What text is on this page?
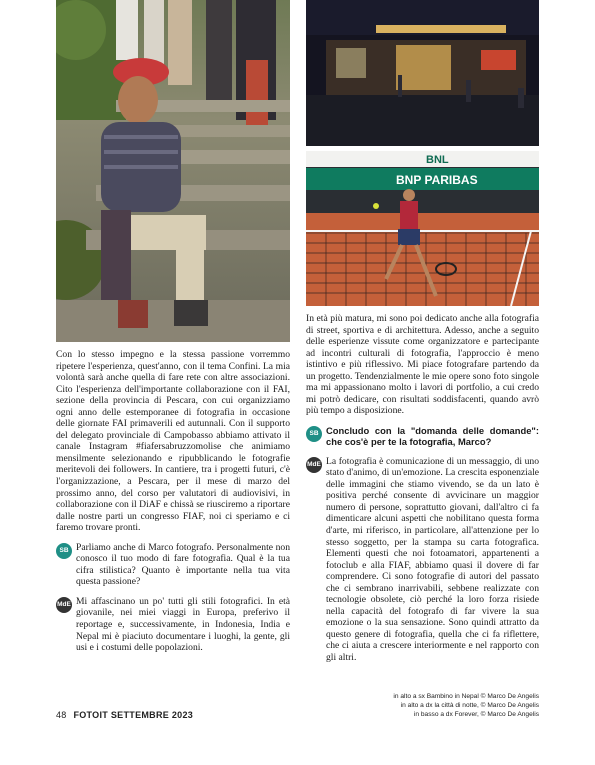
BNL
BNP PARIBAS

Con lo stesso impegno e la stessa passione vorremmo ripetere l'esperienza, quest'anno, con il tema Confini. La mia volontà sarà anche quella di fare rete con altre associazioni. Cito l'esperienza dell'importante collaborazione con il FAI, sezione della provincia di Pescara, con cui organizziamo ogni anno delle estemporanee di fotografia in occasione delle giornate FAI primaverili ed autunnali. Con il supporto del delegato provinciale di Campobasso abbiamo attivato il canale Instagram #fiafersabruzzomolise che animiamo mensilmente selezionando e ripubblicando le fotografie meritevoli dei followers. In cantiere, tra i progetti futuri, c'è l'organizzazione, a Pescara, per il mese di marzo del prossimo anno, del corso per valutatori di audiovisivi, in collaborazione con il DiAF e chissà se riusciremo a riportare dalle nostre parti un congresso FIAF, noi ci speriamo e ci faremo trovare pronti.

SB Parliamo anche di Marco fotografo. Personalmente non conosco il tuo modo di fare fotografia. Qual è la tua cifra stilistica? Quanto è importante nella tua vita questa passione?

MdE Mi affascinano un po' tutti gli stili fotografici. In età giovanile, nei miei viaggi in Europa, preferivo il reportage e, successivamente, in Indonesia, India e Nepal mi è piaciuto documentare i luoghi, la gente, gli usi e i costumi delle popolazioni.

In età più matura, mi sono poi dedicato anche alla fotografia di street, sportiva e di architettura. Adesso, anche a seguito delle esperienze vissute come organizzatore e partecipante ad incontri culturali di fotografia, l'approccio è meno istintivo e più riflessivo. Mi piace fotografare partendo da un progetto. Tendenzialmente le mie opere sono foto singole ma mi appassionano molto i lavori di portfolio, a cui credo mi potrò dedicare, con risultati soddisfacenti, quando avrò più tempo a disposizione.

SB Concludo con la "domanda delle domande": che cos'è per te la fotografia, Marco?

MdE La fotografia è comunicazione di un messaggio, di uno stato d'animo, di un'emozione. La crescita esponenziale delle immagini che stiamo vivendo, se da un lato è positiva perché consente di avvicinare un maggior numero di persone, soprattutto giovani, dall'altro ci fa dimenticare alcuni aspetti che nobilitano questa forma d'arte, mi riferisco, in particolare, all'attenzione per lo stesso soggetto, per la stampa su carta fotografica. Elementi questi che noi fotoamatori, appartenenti a fotoclub e alla FIAF, abbiamo quasi il dovere di far comprendere. Ci sono fotografie di autori del passato che ci sembrano inarrivabili, sebbene realizzate con tecnologie obsolete, ciò perché la loro forza risiede nella capacità del fotografo di far vivere la sua emozione o la sua sensazione. Sono quindi attratto da questo genere di fotografia, quella che ci fa riflettere, che ci aiuta a crescere interiormente e nel rapporto con gli altri.

in alto a sx Bambino in Nepal © Marco De Angelis
in alto a dx la città di notte, © Marco De Angelis
in basso a dx Forever, © Marco De Angelis
48 FOTOIT SETTEMBRE 2023
